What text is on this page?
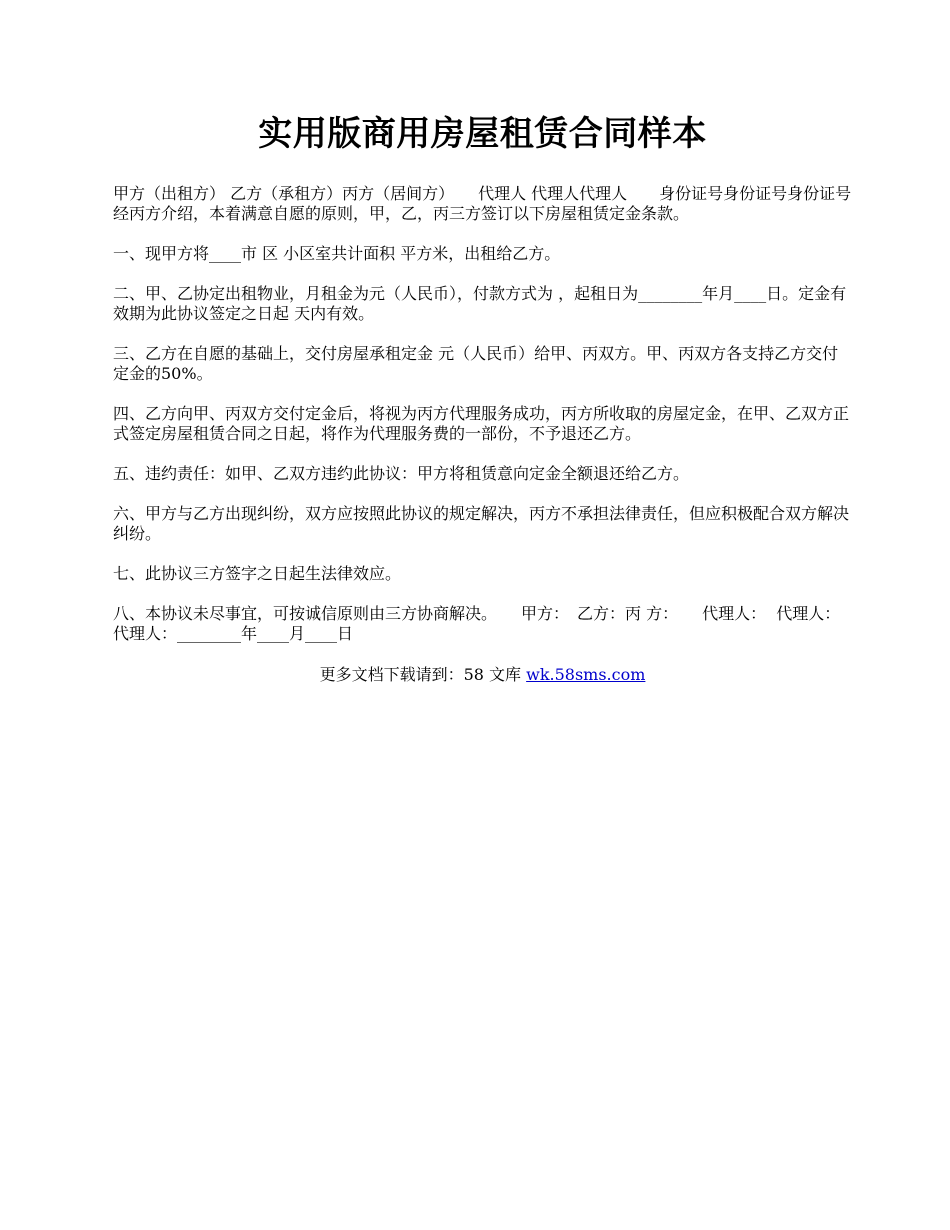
实用版商用房屋租赁合同样本

甲方（出租方） 乙方（承租方）丙方（居间方）　　代理人 代理人代理人　　身份证号身份证号身份证号　　经丙方介绍，本着满意自愿的原则，甲，乙，丙三方签订以下房屋租赁定金条款。

一、现甲方将____市 区 小区室共计面积 平方米，出租给乙方。

二、甲、乙协定出租物业，月租金为元（人民币），付款方式为 ，起租日为________年月____日。定金有效期为此协议签定之日起 天内有效。

三、乙方在自愿的基础上，交付房屋承租定金 元（人民币）给甲、丙双方。甲、丙双方各支持乙方交付定金的50%。

四、乙方向甲、丙双方交付定金后，将视为丙方代理服务成功，丙方所收取的房屋定金，在甲、乙双方正式签定房屋租赁合同之日起，将作为代理服务费的一部份，不予退还乙方。

五、违约责任：如甲、乙双方违约此协议：甲方将租赁意向定金全额退还给乙方。

六、甲方与乙方出现纠纷，双方应按照此协议的规定解决，丙方不承担法律责任，但应积极配合双方解决纠纷。

七、此协议三方签字之日起生法律效应。

八、本协议未尽事宜，可按诚信原则由三方协商解决。　　甲方：　乙方：丙 方：　　代理人：  代理人：代理人：________年____月____日

更多文档下载请到：58 文库 wk.58sms.com
